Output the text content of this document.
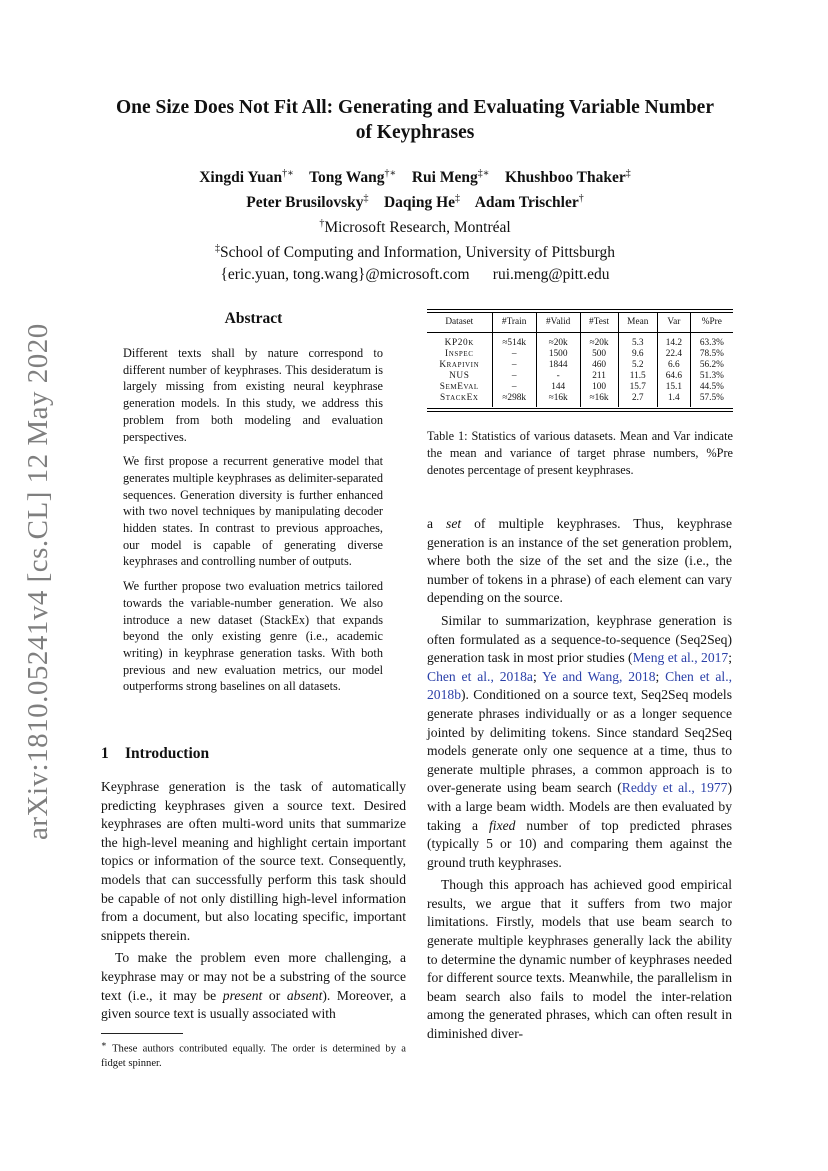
arXiv:1810.05241v4 [cs.CL] 12 May 2020
One Size Does Not Fit All: Generating and Evaluating Variable Number
of Keyphrases
Xingdi Yuan†∗ Tong Wang†∗ Rui Meng‡∗ Khushboo Thaker‡
Peter Brusilovsky‡ Daqing He‡ Adam Trischler†
†Microsoft Research, Montréal
‡School of Computing and Information, University of Pittsburgh
{eric.yuan, tong.wang}@microsoft.com      rui.meng@pitt.edu
Abstract

Different texts shall by nature correspond to different number of keyphrases. This desideratum is largely missing from existing neural keyphrase generation models. In this study, we address this problem from both modeling and evaluation perspectives.

We first propose a recurrent generative model that generates multiple keyphrases as delimiter-separated sequences. Generation diversity is further enhanced with two novel techniques by manipulating decoder hidden states. In contrast to previous approaches, our model is capable of generating diverse keyphrases and controlling number of outputs.

We further propose two evaluation metrics tailored towards the variable-number generation. We also introduce a new dataset (StackEx) that expands beyond the only existing genre (i.e., academic writing) in keyphrase generation tasks. With both previous and new evaluation metrics, our model outperforms strong baselines on all datasets.

1 Introduction

Keyphrase generation is the task of automatically predicting keyphrases given a source text. Desired keyphrases are often multi-word units that summarize the high-level meaning and highlight certain important topics or information of the source text. Consequently, models that can successfully perform this task should be capable of not only distilling high-level information from a document, but also locating specific, important snippets therein.

To make the problem even more challenging, a keyphrase may or may not be a substring of the source text (i.e., it may be present or absent). Moreover, a given source text is usually associated with

∗ These authors contributed equally. The order is determined by a fidget spinner.
Dataset	#Train	#Valid	#Test	Mean	Var	%Pre
KP20k	≈514k	≈20k	≈20k	5.3	14.2	63.3%
Inspec	–	1500	500	9.6	22.4	78.5%
Krapivin	–	1844	460	5.2	6.6	56.2%
NUS	–	-	211	11.5	64.6	51.3%
SemEval	–	144	100	15.7	15.1	44.5%
StackEx	≈298k	≈16k	≈16k	2.7	1.4	57.5%
Table 1: Statistics of various datasets. Mean and Var indicate the mean and variance of target phrase numbers, %Pre denotes percentage of present keyphrases.

a set of multiple keyphrases. Thus, keyphrase generation is an instance of the set generation problem, where both the size of the set and the size (i.e., the number of tokens in a phrase) of each element can vary depending on the source.

Similar to summarization, keyphrase generation is often formulated as a sequence-to-sequence (Seq2Seq) generation task in most prior studies (Meng et al., 2017; Chen et al., 2018a; Ye and Wang, 2018; Chen et al., 2018b). Conditioned on a source text, Seq2Seq models generate phrases individually or as a longer sequence jointed by delimiting tokens. Since standard Seq2Seq models generate only one sequence at a time, thus to generate multiple phrases, a common approach is to over-generate using beam search (Reddy et al., 1977) with a large beam width. Models are then evaluated by taking a fixed number of top predicted phrases (typically 5 or 10) and comparing them against the ground truth keyphrases.

Though this approach has achieved good empirical results, we argue that it suffers from two major limitations. Firstly, models that use beam search to generate multiple keyphrases generally lack the ability to determine the dynamic number of keyphrases needed for different source texts. Meanwhile, the parallelism in beam search also fails to model the inter-relation among the generated phrases, which can often result in diminished diver-
